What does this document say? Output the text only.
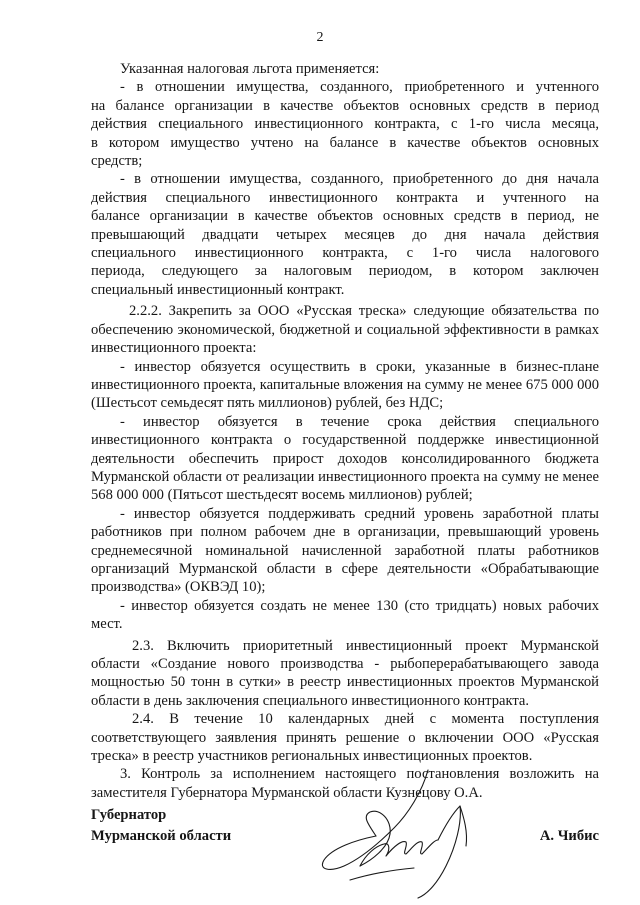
2

Указанная налоговая льгота применяется:

- в отношении имущества, созданного, приобретенного и учтенного на балансе организации в качестве объектов основных средств в период действия специального инвестиционного контракта, с 1-го числа месяца, в котором имущество учтено на балансе в качестве объектов основных средств;

- в отношении имущества, созданного, приобретенного до дня начала действия специального инвестиционного контракта и учтенного на балансе организации в качестве объектов основных средств в период, не превышающий двадцати четырех месяцев до дня начала действия специального инвестиционного контракта, с 1-го числа налогового периода, следующего за налоговым периодом, в котором заключен специальный инвестиционный контракт.

2.2.2. Закрепить за ООО «Русская треска» следующие обязательства по обеспечению экономической, бюджетной и социальной эффективности в рамках инвестиционного проекта:

- инвестор обязуется осуществить в сроки, указанные в бизнес-плане инвестиционного проекта, капитальные вложения на сумму не менее 675 000 000 (Шестьсот семьдесят пять миллионов) рублей, без НДС;

- инвестор обязуется в течение срока действия специального инвестиционного контракта о государственной поддержке инвестиционной деятельности обеспечить прирост доходов консолидированного бюджета Мурманской области от реализации инвестиционного проекта на сумму не менее 568 000 000 (Пятьсот шестьдесят восемь миллионов) рублей;

- инвестор обязуется поддерживать средний уровень заработной платы работников при полном рабочем дне в организации, превышающий уровень среднемесячной номинальной начисленной заработной платы работников организаций Мурманской области в сфере деятельности «Обрабатывающие производства» (ОКВЭД 10);

- инвестор обязуется создать не менее 130 (сто тридцать) новых рабочих мест.

2.3. Включить приоритетный инвестиционный проект Мурманской области «Создание нового производства - рыбоперерабатывающего завода мощностью 50 тонн в сутки» в реестр инвестиционных проектов Мурманской области в день заключения специального инвестиционного контракта.

2.4. В течение 10 календарных дней с момента поступления соответствующего заявления принять решение о включении ООО «Русская треска» в реестр участников региональных инвестиционных проектов.

3. Контроль за исполнением настоящего постановления возложить на заместителя Губернатора Мурманской области Кузнецову О.А.

Губернатор
Мурманской области	А. Чибис
